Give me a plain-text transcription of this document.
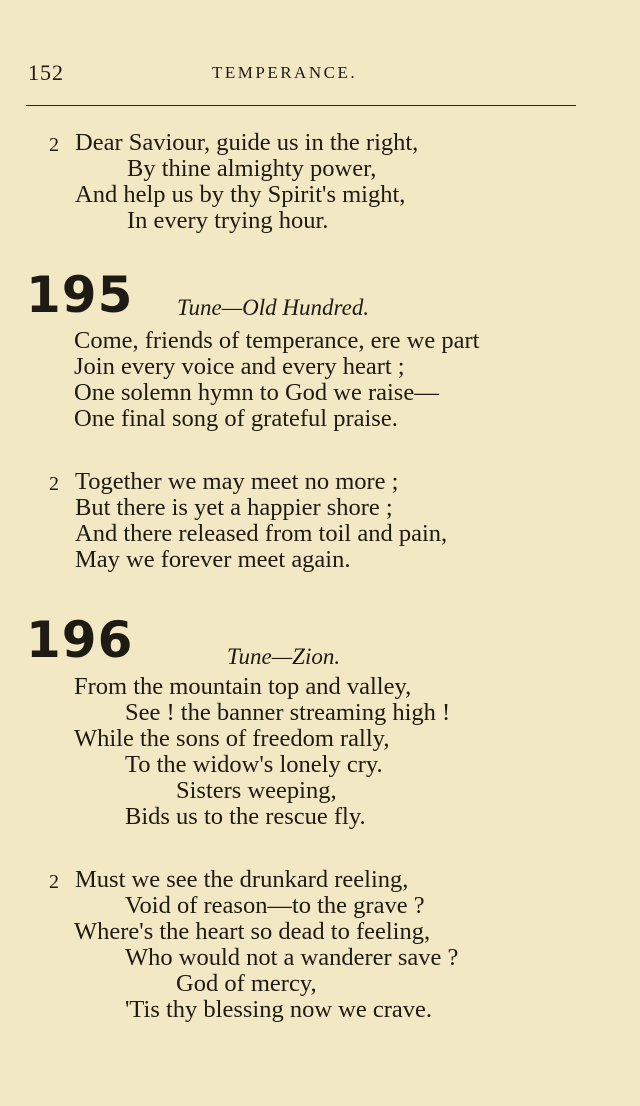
152	TEMPERANCE.
2 Dear Saviour, guide us in the right,
By thine almighty power,
And help us by thy Spirit's might,
In every trying hour.
195 Tune—Old Hundred.
Come, friends of temperance, ere we part
Join every voice and every heart ;
One solemn hymn to God we raise—
One final song of grateful praise.
2 Together we may meet no more ;
But there is yet a happier shore ;
And there released from toil and pain,
May we forever meet again.
196	Tune—Zion.
From the mountain top and valley,
See ! the banner streaming high !
While the sons of freedom rally,
To the widow's lonely cry.
Sisters weeping,
Bids us to the rescue fly.
2 Must we see the drunkard reeling,
Void of reason—to the grave ?
Where's the heart so dead to feeling,
Who would not a wanderer save ?
God of mercy,
'Tis thy blessing now we crave.
